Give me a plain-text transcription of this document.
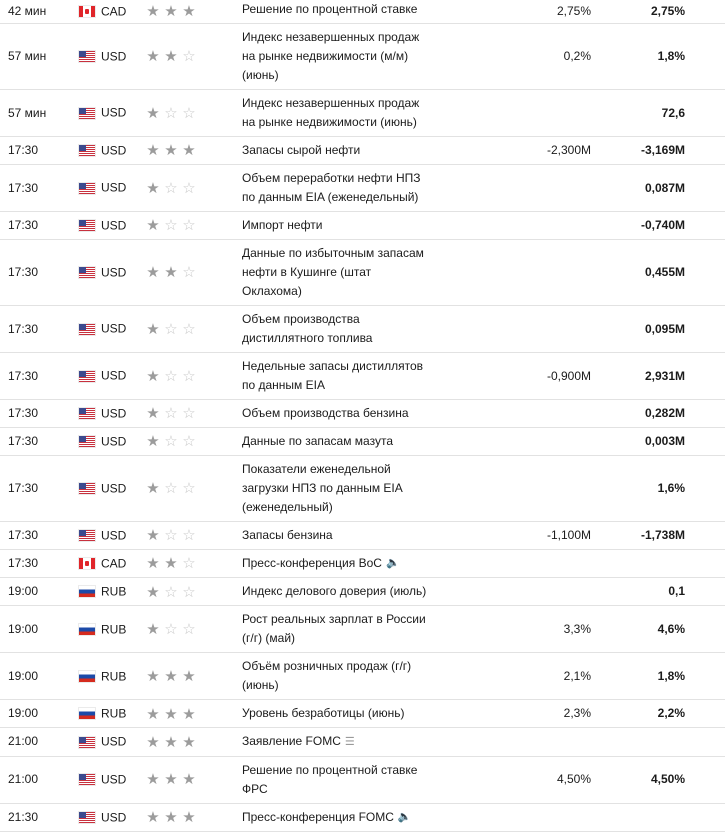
42 мин	CAD	★ ★ ★	Решение по процентной ставке		2,75%	2,75%
57 мин	USD	★ ★ ☆	Индекс незавершенных продаж на рынке недвижимости (м/м) (июнь)		0,2%	1,8%
57 мин	USD	★ ☆ ☆	Индекс незавершенных продаж на рынке недвижимости (июнь)			72,6
17:30	USD	★ ★ ★	Запасы сырой нефти		-2,300M	-3,169M
17:30	USD	★ ☆ ☆	Объем переработки нефти НПЗ по данным EIA (еженедельный)			0,087M
17:30	USD	★ ☆ ☆	Импорт нефти			-0,740M
17:30	USD	★ ★ ☆	Данные по избыточным запасам нефти в Кушинге (штат Оклахома)			0,455M
17:30	USD	★ ☆ ☆	Объем производства дистиллятного топлива			0,095M
17:30	USD	★ ☆ ☆	Недельные запасы дистиллятов по данным EIA		-0,900M	2,931M
17:30	USD	★ ☆ ☆	Объем производства бензина			0,282M
17:30	USD	★ ☆ ☆	Данные по запасам мазута			0,003M
17:30	USD	★ ☆ ☆	Показатели еженедельной загрузки НПЗ по данным EIA (еженедельный)			1,6%
17:30	USD	★ ☆ ☆	Запасы бензина		-1,100M	-1,738M
17:30	CAD	★ ★ ☆	Пресс-конференция BoC 🔈			
19:00	RUB	★ ☆ ☆	Индекс делового доверия (июль)			0,1
19:00	RUB	★ ☆ ☆	Рост реальных зарплат в России (г/г) (май)		3,3%	4,6%
19:00	RUB	★ ★ ★	Объём розничных продаж (г/г) (июнь)		2,1%	1,8%
19:00	RUB	★ ★ ★	Уровень безработицы (июнь)		2,3%	2,2%
21:00	USD	★ ★ ★	Заявление FOMC ☰			
21:00	USD	★ ★ ★	Решение по процентной ставке ФРС		4,50%	4,50%
21:30	USD	★ ★ ★	Пресс-конференция FOMC 🔈			
